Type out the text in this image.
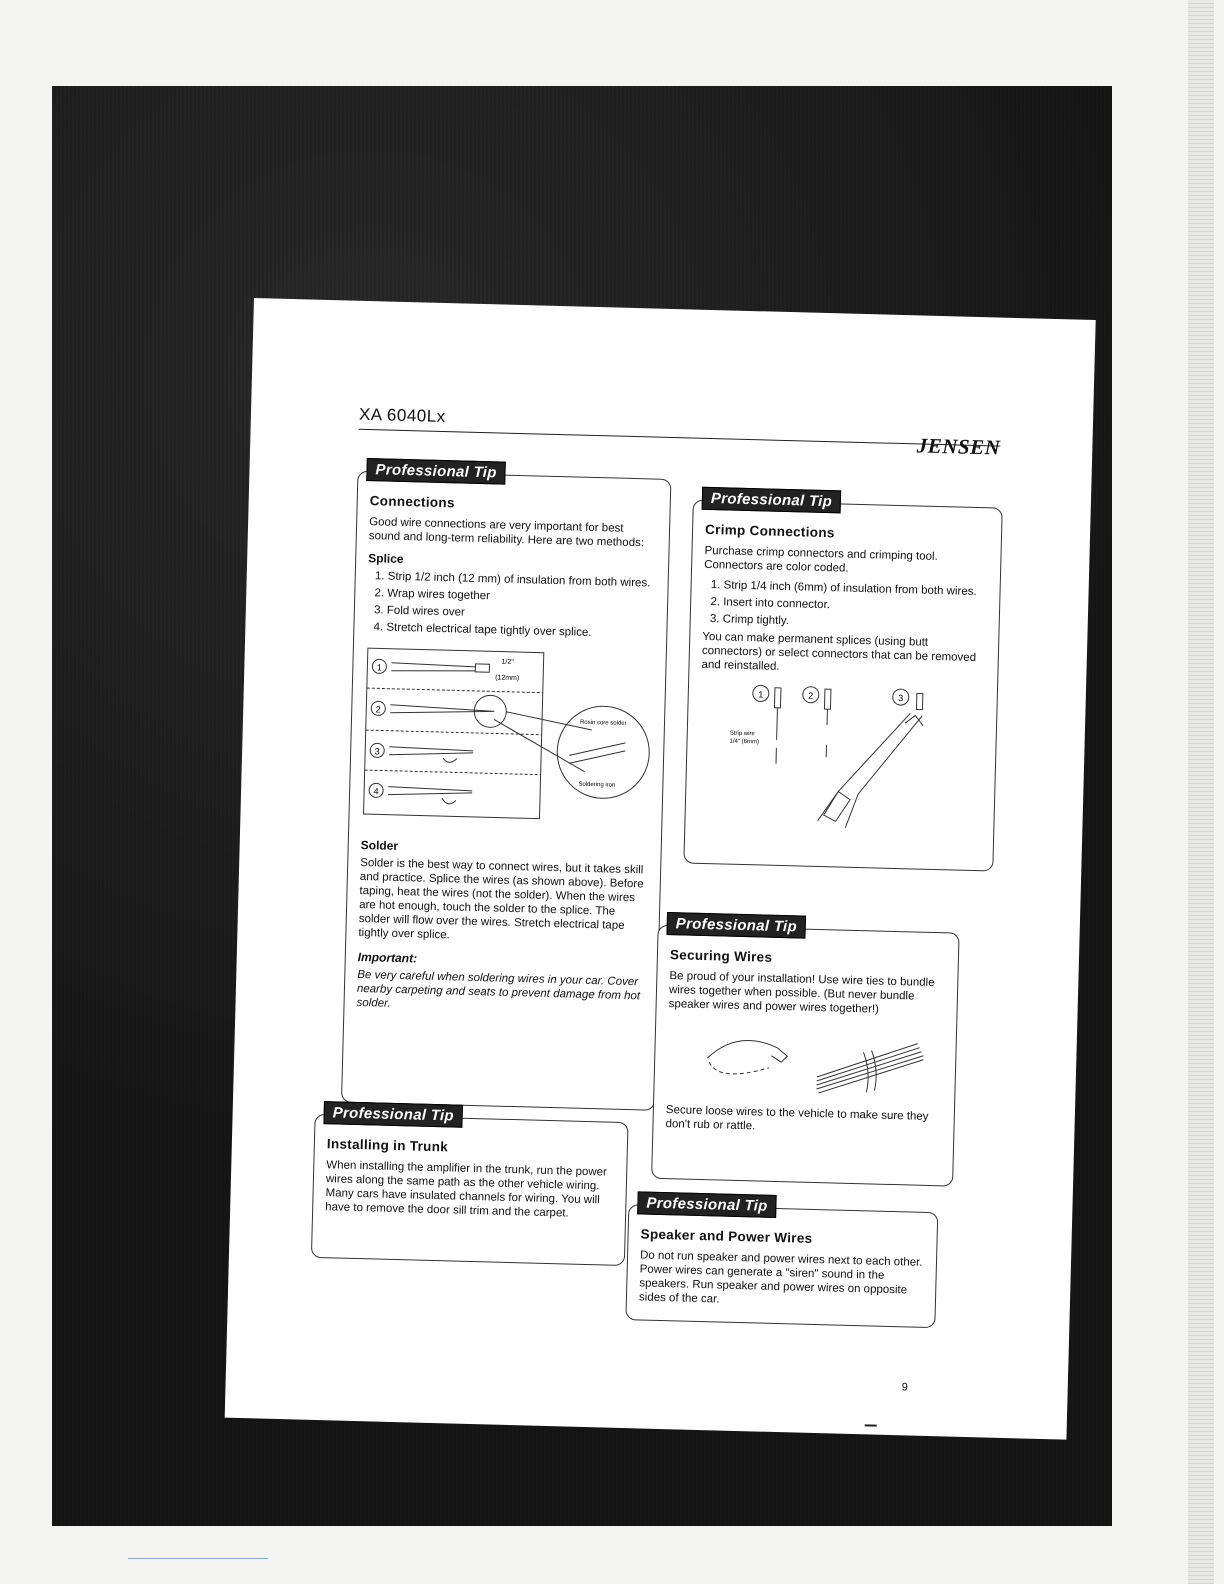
XA 6040Lx
JENSEN
Professional Tip
Connections

Good wire connections are very important for best sound and long-term reliability. Here are two methods:

Splice
1. Strip 1/2 inch (12 mm) of insulation from both wires.
2. Wrap wires together
3. Fold wires over
4. Stretch electrical tape tightly over splice.
1
2
3
4
1/2"
(12mm)
Rosin core solder
Soldering iron
Solder

Solder is the best way to connect wires, but it takes skill and practice. Splice the wires (as shown above). Before taping, heat the wires (not the solder). When the wires are hot enough, touch the solder to the splice. The solder will flow over the wires. Stretch electrical tape tightly over splice.

Important:

Be very careful when soldering wires in your car. Cover nearby carpeting and seats to prevent damage from hot solder.

Professional Tip
Crimp Connections

Purchase crimp connectors and crimping tool. Connectors are color coded.

1. Strip 1/4 inch (6mm) of insulation from both wires.
2. Insert into connector.
3. Crimp tightly.

You can make permanent splices (using butt connectors) or select connectors that can be removed and reinstalled.

1	2	3
Strip wire
1/4" (6mm)
Professional Tip
Securing Wires

Be proud of your installation! Use wire ties to bundle wires together when possible. (But never bundle speaker wires and power wires together!)

Secure loose wires to the vehicle to make sure they don't rub or rattle.

Professional Tip
Installing in Trunk

When installing the amplifier in the trunk, run the power wires along the same path as the other vehicle wiring. Many cars have insulated channels for wiring. You will have to remove the door sill trim and the carpet.	Professional Tip
Speaker and Power Wires

Do not run speaker and power wires next to each other. Power wires can generate a "siren" sound in the speakers. Run speaker and power wires on opposite sides of the car.

9
